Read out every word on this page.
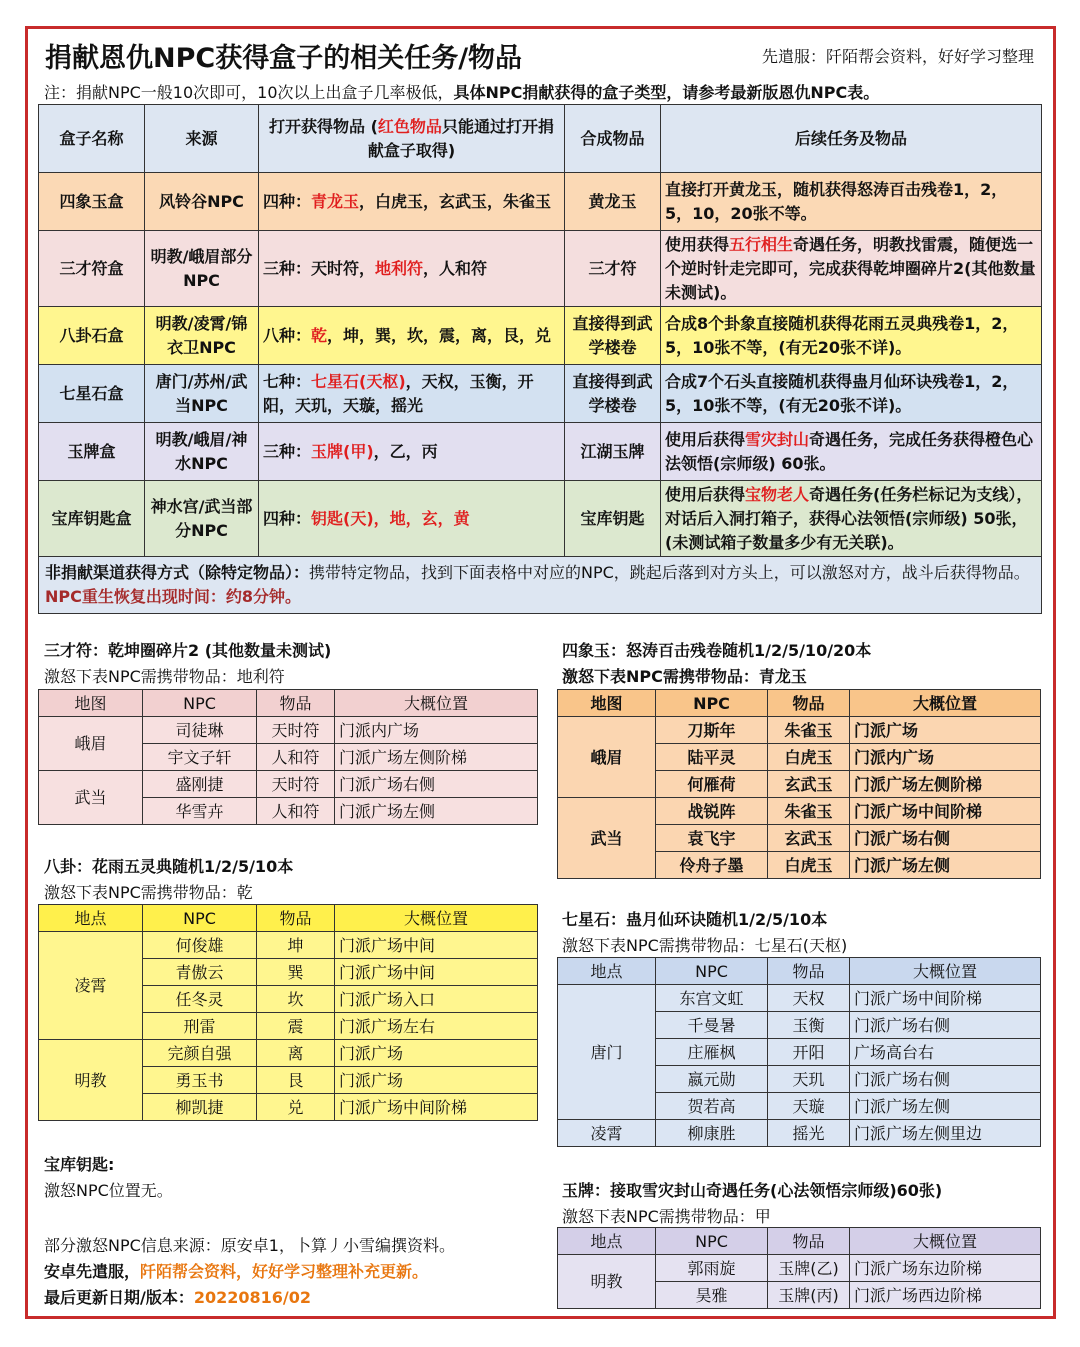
捐献恩仇NPC获得盒子的相关任务/物品	先遣服：阡陌帮会资料，好好学习整理
注：捐献NPC一般10次即可，10次以上出盒子几率极低，具体NPC捐献获得的盒子类型，请参考最新版恩仇NPC表。
盒子名称	来源	打开获得物品 (红色物品只能通过打开捐献盒子取得)	合成物品	后续任务及物品
四象玉盒	风铃谷NPC	四种：青龙玉，白虎玉，玄武玉，朱雀玉	黄龙玉	直接打开黄龙玉，随机获得怒涛百击残卷1，2， 5，10，20张不等。
三才符盒	明教/峨眉部分NPC	三种：天时符，地利符，人和符	三才符	使用获得五行相生奇遇任务，明教找雷震，随便选一个逆时针走完即可，完成获得乾坤圈碎片2(其他数量未测试)。
八卦石盒	明教/凌霄/锦衣卫NPC	八种：乾，坤，巽，坎，震，离，艮，兑	直接得到武学楼卷	合成8个卦象直接随机获得花雨五灵典残卷1，2， 5，10张不等，(有无20张不详)。
七星石盒	唐门/苏州/武当NPC	七种：七星石(天枢)，天权，玉衡，开阳，天玑，天璇，摇光	直接得到武学楼卷	合成7个石头直接随机获得蛊月仙环诀残卷1，2， 5，10张不等，(有无20张不详)。
玉牌盒	明教/峨眉/神水NPC	三种：玉牌(甲)，乙，丙	江湖玉牌	使用后获得雪灾封山奇遇任务，完成任务获得橙色心法领悟(宗师级) 60张。
宝库钥匙盒	神水宫/武当部分NPC	四种：钥匙(天)，地，玄，黄	宝库钥匙	使用后获得宝物老人奇遇任务(任务栏标记为支线），对话后入洞打箱子，获得心法领悟(宗师级) 50张，(未测试箱子数量多少有无关联)。
非捐献渠道获得方式（除特定物品）：携带特定物品，找到下面表格中对应的NPC，跳起后落到对方头上，可以激怒对方，战斗后获得物品。NPC重生恢复出现时间：约8分钟。				
三才符：乾坤圈碎片2 (其他数量未测试)
激怒下表NPC需携带物品：地利符
地图	NPC	物品	大概位置
峨眉	司徒琳	天时符	门派内广场
	宇文子轩	人和符	门派广场左侧阶梯
武当	盛刚捷	天时符	门派广场右侧
	华雪卉	人和符	门派广场左侧
四象玉：怒涛百击残卷随机1/2/5/10/20本
激怒下表NPC需携带物品：青龙玉
地图	NPC	物品	大概位置
峨眉	刀斯年	朱雀玉	门派广场
	陆平灵	白虎玉	门派内广场
	何雁荷	玄武玉	门派广场左侧阶梯
武当	战锐阵	朱雀玉	门派广场中间阶梯
	袁飞宇	玄武玉	门派广场右侧
	伶舟子墨	白虎玉	门派广场左侧
八卦：花雨五灵典随机1/2/5/10本
激怒下表NPC需携带物品：乾
地点	NPC	物品	大概位置
凌霄	何俊雄	坤	门派广场中间
	青傲云	巽	门派广场中间
	任冬灵	坎	门派广场入口
	刑雷	震	门派广场左右
明教	完颜自强	离	门派广场
	勇玉书	艮	门派广场
	柳凯捷	兑	门派广场中间阶梯
七星石：蛊月仙环诀随机1/2/5/10本
激怒下表NPC需携带物品：七星石(天枢)
地点	NPC	物品	大概位置
唐门	东宫文虹	天权	门派广场中间阶梯
	千曼暑	玉衡	门派广场右侧
	庄雁枫	开阳	广场高台右
	嬴元勋	天玑	门派广场右侧
	贺若高	天璇	门派广场左侧
凌霄	柳康胜	摇光	门派广场左侧里边
玉牌：接取雪灾封山奇遇任务(心法领悟宗师级)60张)
激怒下表NPC需携带物品：甲
地点	NPC	物品	大概位置
明教	郭雨旋	玉牌(乙)	门派广场东边阶梯
	昊雅	玉牌(丙)	门派广场西边阶梯
宝库钥匙:
激怒NPC位置无。
部分激怒NPC信息来源：原安卓1，卜算丿小雪编撰资料。
安卓先遣服，阡陌帮会资料，好好学习整理补充更新。
最后更新日期/版本：20220816/02
